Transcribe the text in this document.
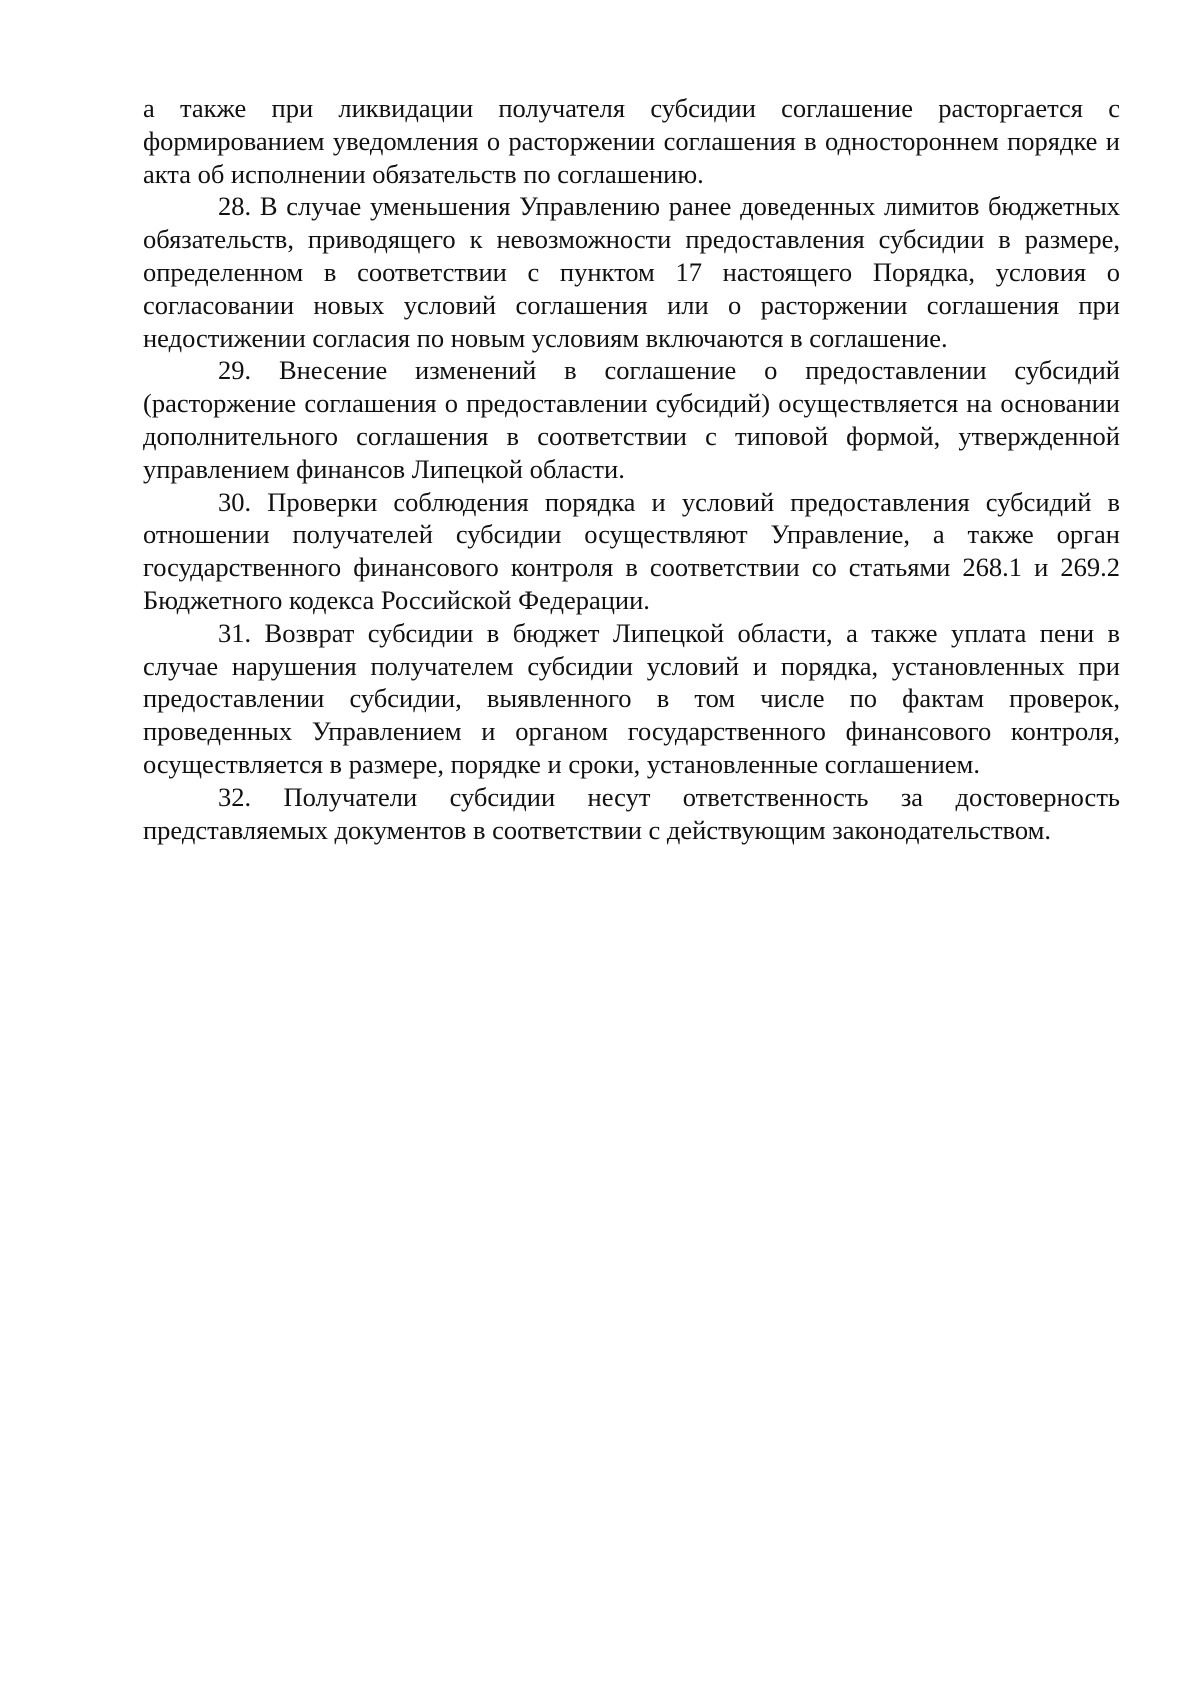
а также при ликвидации получателя субсидии соглашение расторгается с формированием уведомления о расторжении соглашения в одностороннем порядке и акта об исполнении обязательств по соглашению.

28. В случае уменьшения Управлению ранее доведенных лимитов бюджетных обязательств, приводящего к невозможности предоставления субсидии в размере, определенном в соответствии с пунктом 17 настоящего Порядка, условия о согласовании новых условий соглашения или о расторжении соглашения при недостижении согласия по новым условиям включаются в соглашение.

29. Внесение изменений в соглашение о предоставлении субсидий (расторжение соглашения о предоставлении субсидий) осуществляется на основании дополнительного соглашения в соответствии с типовой формой, утвержденной управлением финансов Липецкой области.

30. Проверки соблюдения порядка и условий предоставления субсидий в отношении получателей субсидии осуществляют Управление, а также орган государственного финансового контроля в соответствии со статьями 268.1 и 269.2 Бюджетного кодекса Российской Федерации.

31. Возврат субсидии в бюджет Липецкой области, а также уплата пени в случае нарушения получателем субсидии условий и порядка, установленных при предоставлении субсидии, выявленного в том числе по фактам проверок, проведенных Управлением и органом государственного финансового контроля, осуществляется в размере, порядке и сроки, установленные соглашением.

32. Получатели субсидии несут ответственность за достоверность представляемых документов в соответствии с действующим законодательством.
